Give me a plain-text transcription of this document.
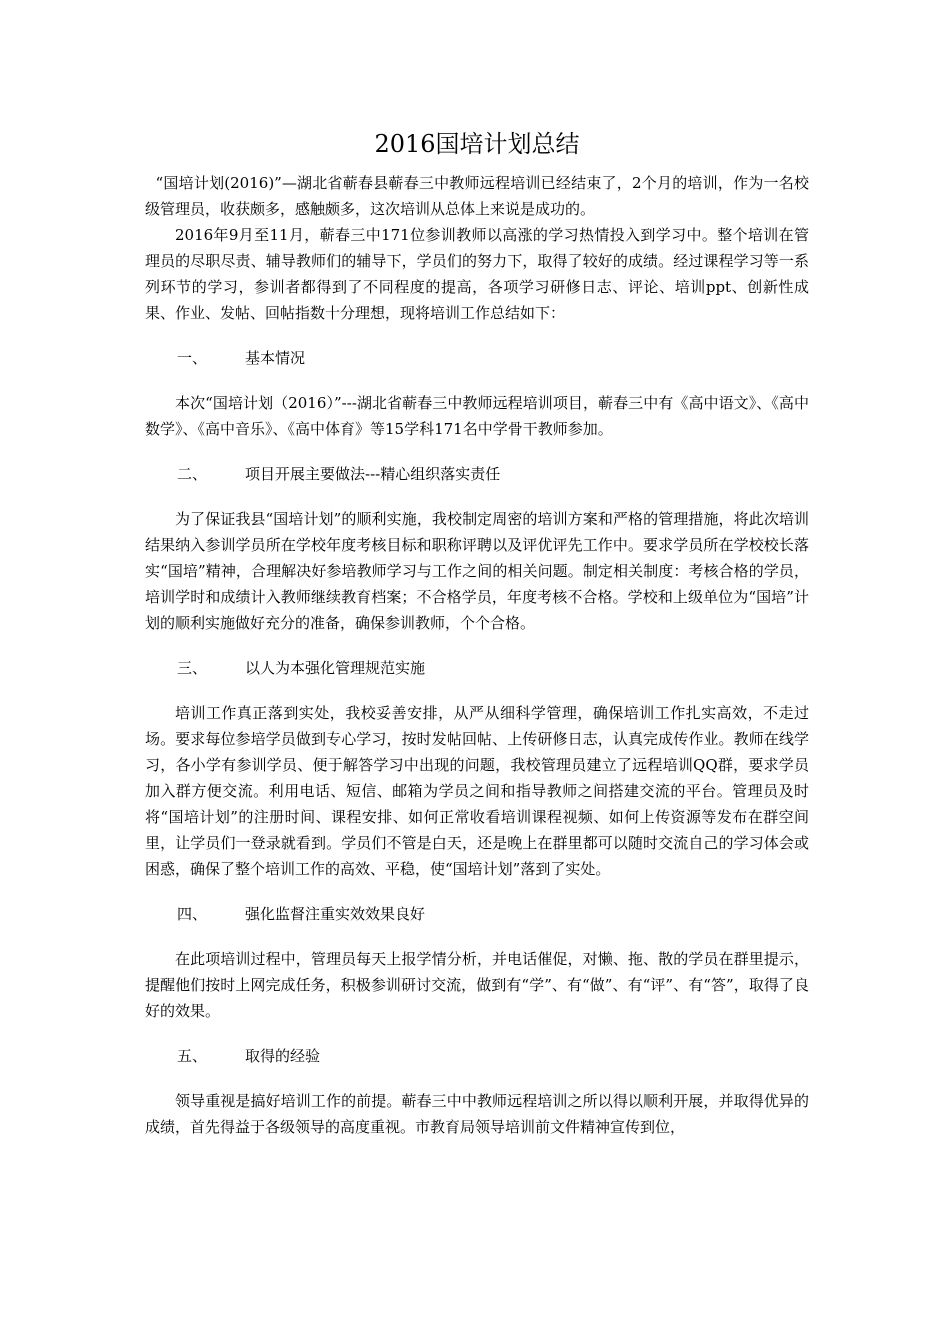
2016国培计划总结

“国培计划(2016)”—湖北省蕲春县蕲春三中教师远程培训已经结束了，2个月的培训，作为一名校级管理员，收获颇多，感触颇多，这次培训从总体上来说是成功的。

2016年9月至11月，蕲春三中171位参训教师以高涨的学习热情投入到学习中。整个培训在管理员的尽职尽责、辅导教师们的辅导下，学员们的努力下，取得了较好的成绩。经过课程学习等一系列环节的学习，参训者都得到了不同程度的提高，各项学习研修日志、评论、培训ppt、创新性成果、作业、发帖、回帖指数十分理想，现将培训工作总结如下：

一、	基本情况

本次“国培计划（2016）”---湖北省蕲春三中教师远程培训项目，蕲春三中有《高中语文》、《高中数学》、《高中音乐》、《高中体育》等15学科171名中学骨干教师参加。

二、	项目开展主要做法---精心组织落实责任

为了保证我县“国培计划”的顺利实施，我校制定周密的培训方案和严格的管理措施，将此次培训结果纳入参训学员所在学校年度考核目标和职称评聘以及评优评先工作中。要求学员所在学校校长落实“国培”精神，合理解决好参培教师学习与工作之间的相关问题。制定相关制度：考核合格的学员，培训学时和成绩计入教师继续教育档案；不合格学员，年度考核不合格。学校和上级单位为“国培”计划的顺利实施做好充分的准备，确保参训教师，个个合格。

三、	以人为本强化管理规范实施

培训工作真正落到实处，我校妥善安排，从严从细科学管理，确保培训工作扎实高效，不走过场。要求每位参培学员做到专心学习，按时发帖回帖、上传研修日志，认真完成传作业。教师在线学习，各小学有参训学员、便于解答学习中出现的问题，我校管理员建立了远程培训QQ群，要求学员加入群方便交流。利用电话、短信、邮箱为学员之间和指导教师之间搭建交流的平台。管理员及时将“国培计划”的注册时间、课程安排、如何正常收看培训课程视频、如何上传资源等发布在群空间里，让学员们一登录就看到。学员们不管是白天，还是晚上在群里都可以随时交流自己的学习体会或困惑，确保了整个培训工作的高效、平稳，使“国培计划”落到了实处。

四、	强化监督注重实效效果良好

在此项培训过程中，管理员每天上报学情分析，并电话催促，对懒、拖、散的学员在群里提示，提醒他们按时上网完成任务，积极参训研讨交流，做到有“学”、有“做”、有“评”、有“答”，取得了良好的效果。

五、	取得的经验

领导重视是搞好培训工作的前提。蕲春三中中教师远程培训之所以得以顺利开展，并取得优异的成绩，首先得益于各级领导的高度重视。市教育局领导培训前文件精神宣传到位，
